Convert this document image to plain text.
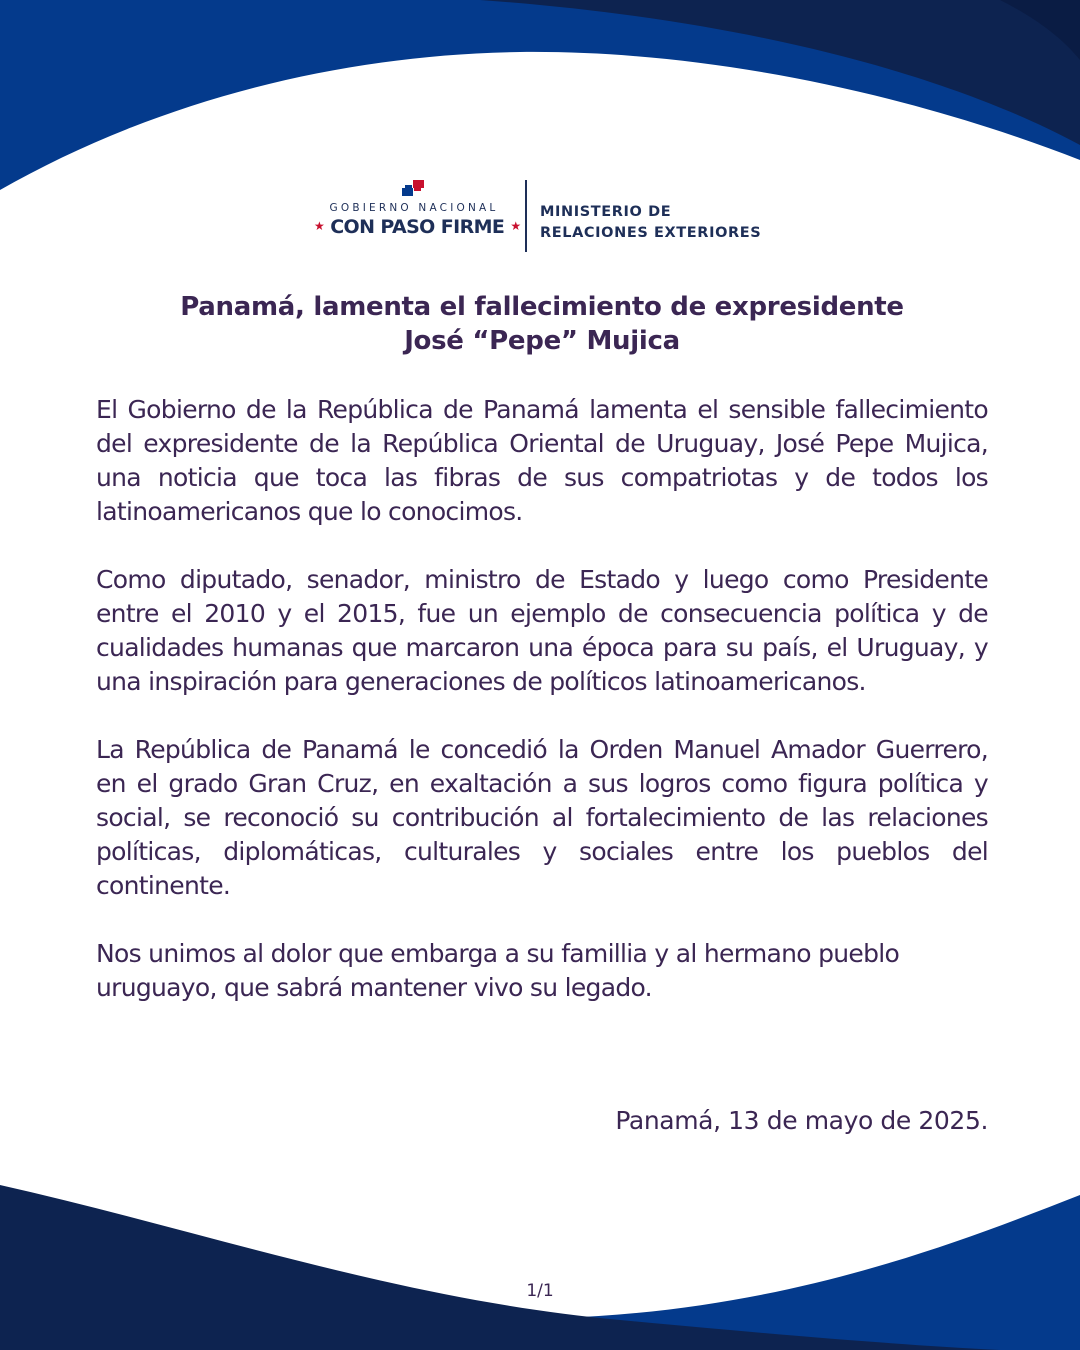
GOBIERNO NACIONAL
★ CON PASO FIRME ★
MINISTERIO DE
RELACIONES EXTERIORES
Panamá, lamenta el fallecimiento de expresidente
José “Pepe” Mujica

El Gobierno de la República de Panamá lamenta el sensible fallecimiento del expresidente de la República Oriental de Uruguay, José Pepe Mujica, una noticia que toca las fibras de sus compatriotas y de todos los latinoamericanos que lo conocimos.

Como diputado, senador, ministro de Estado y luego como Presidente entre el 2010 y el 2015, fue un ejemplo de consecuencia política y de cualidades humanas que marcaron una época para su país, el Uruguay, y una inspiración para generaciones de políticos latinoamericanos.

La República de Panamá le concedió la Orden Manuel Amador Guerrero, en el grado Gran Cruz, en exaltación a sus logros como figura política y social, se reconoció su contribución al fortalecimiento de las relaciones políticas, diplomáticas, culturales y sociales entre los pueblos del continente.

Nos unimos al dolor que embarga a su famillia y al hermano pueblo uruguayo, que sabrá mantener vivo su legado.

Panamá, 13 de mayo de 2025.
1/1
